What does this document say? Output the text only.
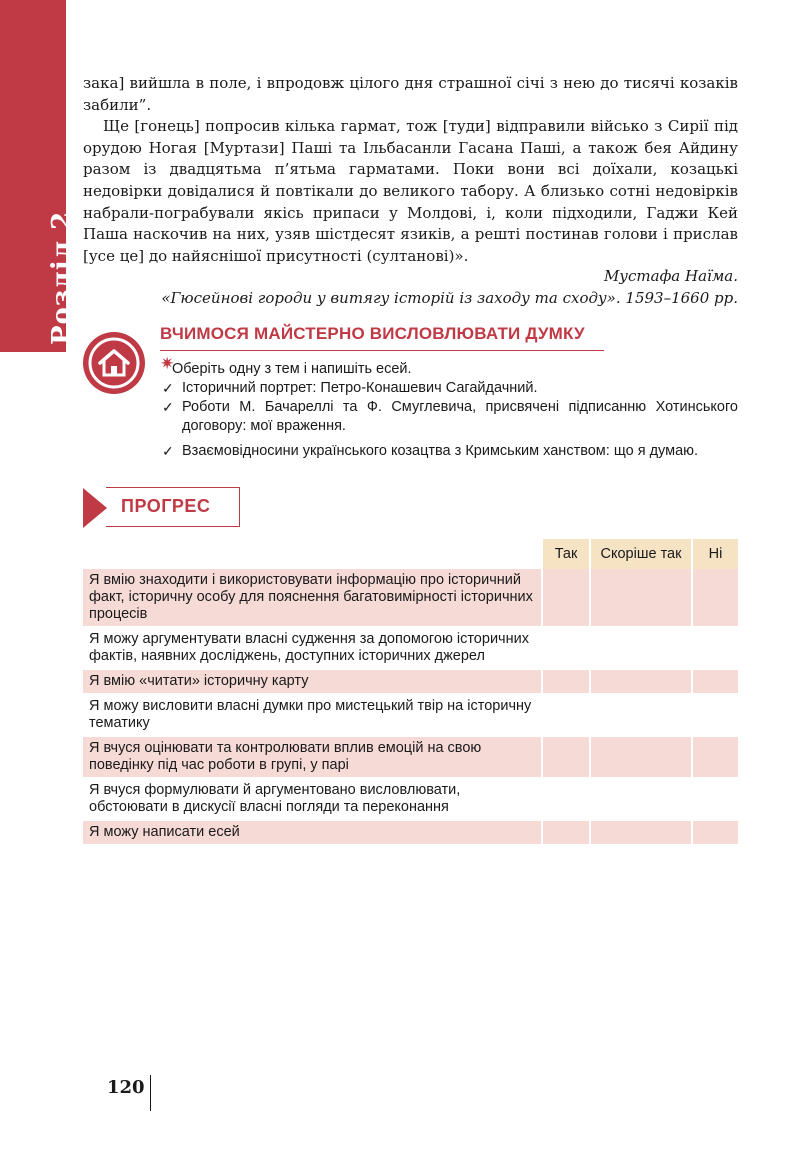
Розділ 2

зака] вийшла в поле, і впродовж цілого дня страшної січі з нею до тисячі козаків забили”.

Ще [гонець] попросив кілька гармат, тож [туди] відправили військо з Сирії під орудою Ногая [Муртази] Паші та Ільбасанли Гасана Паші, а також бея Айдину разом із двадцятьма п’ятьма гарматами. Поки вони всі доїхали, козацькі недовірки довідалися й повтікали до великого табору. А близько сотні недовірків набрали-пограбували якісь припаси у Молдові, і, коли підходили, Гаджи Кей Паша наскочив на них, узяв шістдесят язиків, а решті постинав голови і прислав [усе це] до найяснішої присутності (султанові)».

Мустафа Наїма.
«Гюсейнові городи у витягу історій із заходу та сходу». 1593–1660 рр.
ВЧИМОСЯ МАЙСТЕРНО ВИСЛОВЛЮВАТИ ДУМКУ
✷
Оберіть одну з тем і напишіть есей.
✓ Історичний портрет: Петро-Конашевич Сагайдачний.
✓ Роботи М. Бачареллі та Ф. Смуглевича, присвячені підписанню Хотинського договору: мої враження.
✓ Взаємовідносини українського козацтва з Кримським ханством: що я думаю.
ПРОГРЕС
	Так	Скоріше так	Ні
Я вмію знаходити і використовувати інформацію про історичний факт, історичну особу для пояснення багатовимірності історичних процесів			
Я можу аргументувати власні судження за допомогою історичних фактів, наявних досліджень, доступних історичних джерел			
Я вмію «читати» історичну карту			
Я можу висловити власні думки про мистецький твір на історичну тематику			
Я вчуся оцінювати та контролювати вплив емоцій на свою поведінку під час роботи в групі, у парі			
Я вчуся формулювати й аргументовано висловлювати, обстоювати в дискусії власні погляди та переконання			
Я можу написати есей			
120
